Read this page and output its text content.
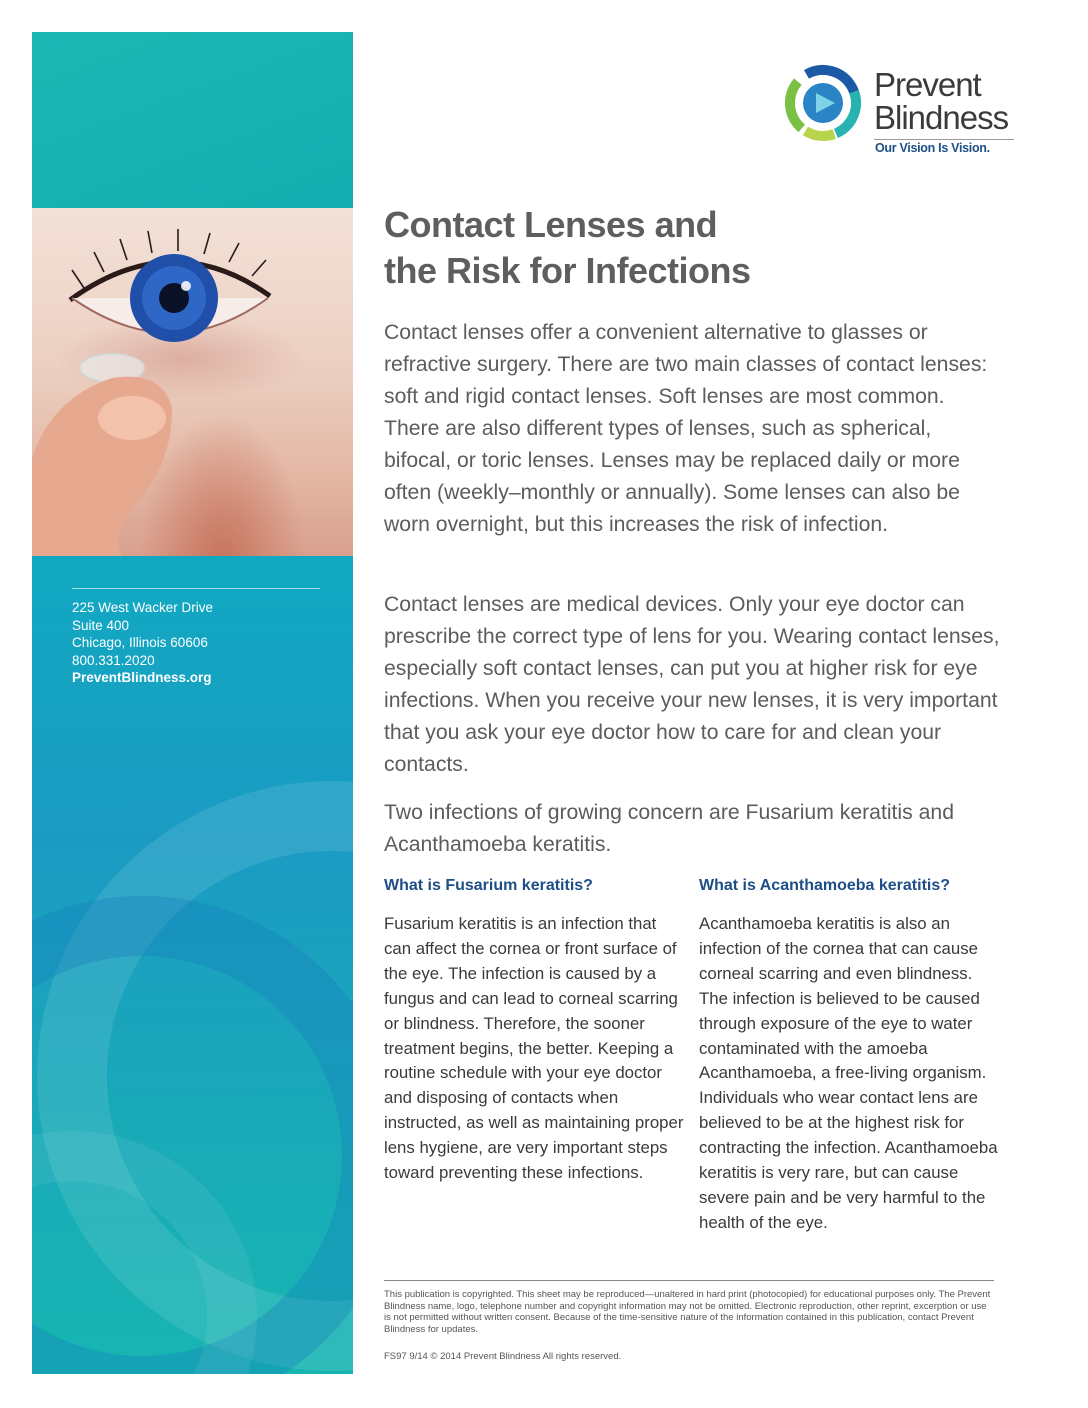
225 West Wacker Drive
Suite 400
Chicago, Illinois 60606
800.331.2020
PreventBlindness.org
Prevent
Blindness
Our Vision Is Vision.
Contact Lenses and
the Risk for Infections
Contact lenses offer a convenient alternative to glasses or refractive surgery. There are two main classes of contact lenses: soft and rigid contact lenses. Soft lenses are most common. There are also different types of lenses, such as spherical, bifocal, or toric lenses. Lenses may be replaced daily or more often (weekly–monthly or annually). Some lenses can also be worn overnight, but this increases the risk of infection.
Contact lenses are medical devices. Only your eye doctor can prescribe the correct type of lens for you. Wearing contact lenses, especially soft contact lenses, can put you at higher risk for eye infections. When you receive your new lenses, it is very important that you ask your eye doctor how to care for and clean your contacts.
Two infections of growing concern are Fusarium keratitis and Acanthamoeba keratitis.
What is Fusarium keratitis?

Fusarium keratitis is an infection that can affect the cornea or front surface of the eye. The infection is caused by a fungus and can lead to corneal scarring or blindness. Therefore, the sooner treatment begins, the better. Keeping a routine schedule with your eye doctor and disposing of contacts when instructed, as well as maintaining proper lens hygiene, are very important steps toward preventing these infections.

What is Acanthamoeba keratitis?

Acanthamoeba keratitis is also an infection of the cornea that can cause corneal scarring and even blindness. The infection is believed to be caused through exposure of the eye to water contaminated with the amoeba Acanthamoeba, a free-living organism. Individuals who wear contact lens are believed to be at the highest risk for contracting the infection. Acanthamoeba keratitis is very rare, but can cause severe pain and be very harmful to the health of the eye.

This publication is copyrighted. This sheet may be reproduced—unaltered in hard print (photocopied) for educational purposes only. The Prevent Blindness name, logo, telephone number and copyright information may not be omitted. Electronic reproduction, other reprint, excerption or use is not permitted without written consent. Because of the time-sensitive nature of the information contained in this publication, contact Prevent Blindness for updates.
FS97 9/14 © 2014 Prevent Blindness All rights reserved.
